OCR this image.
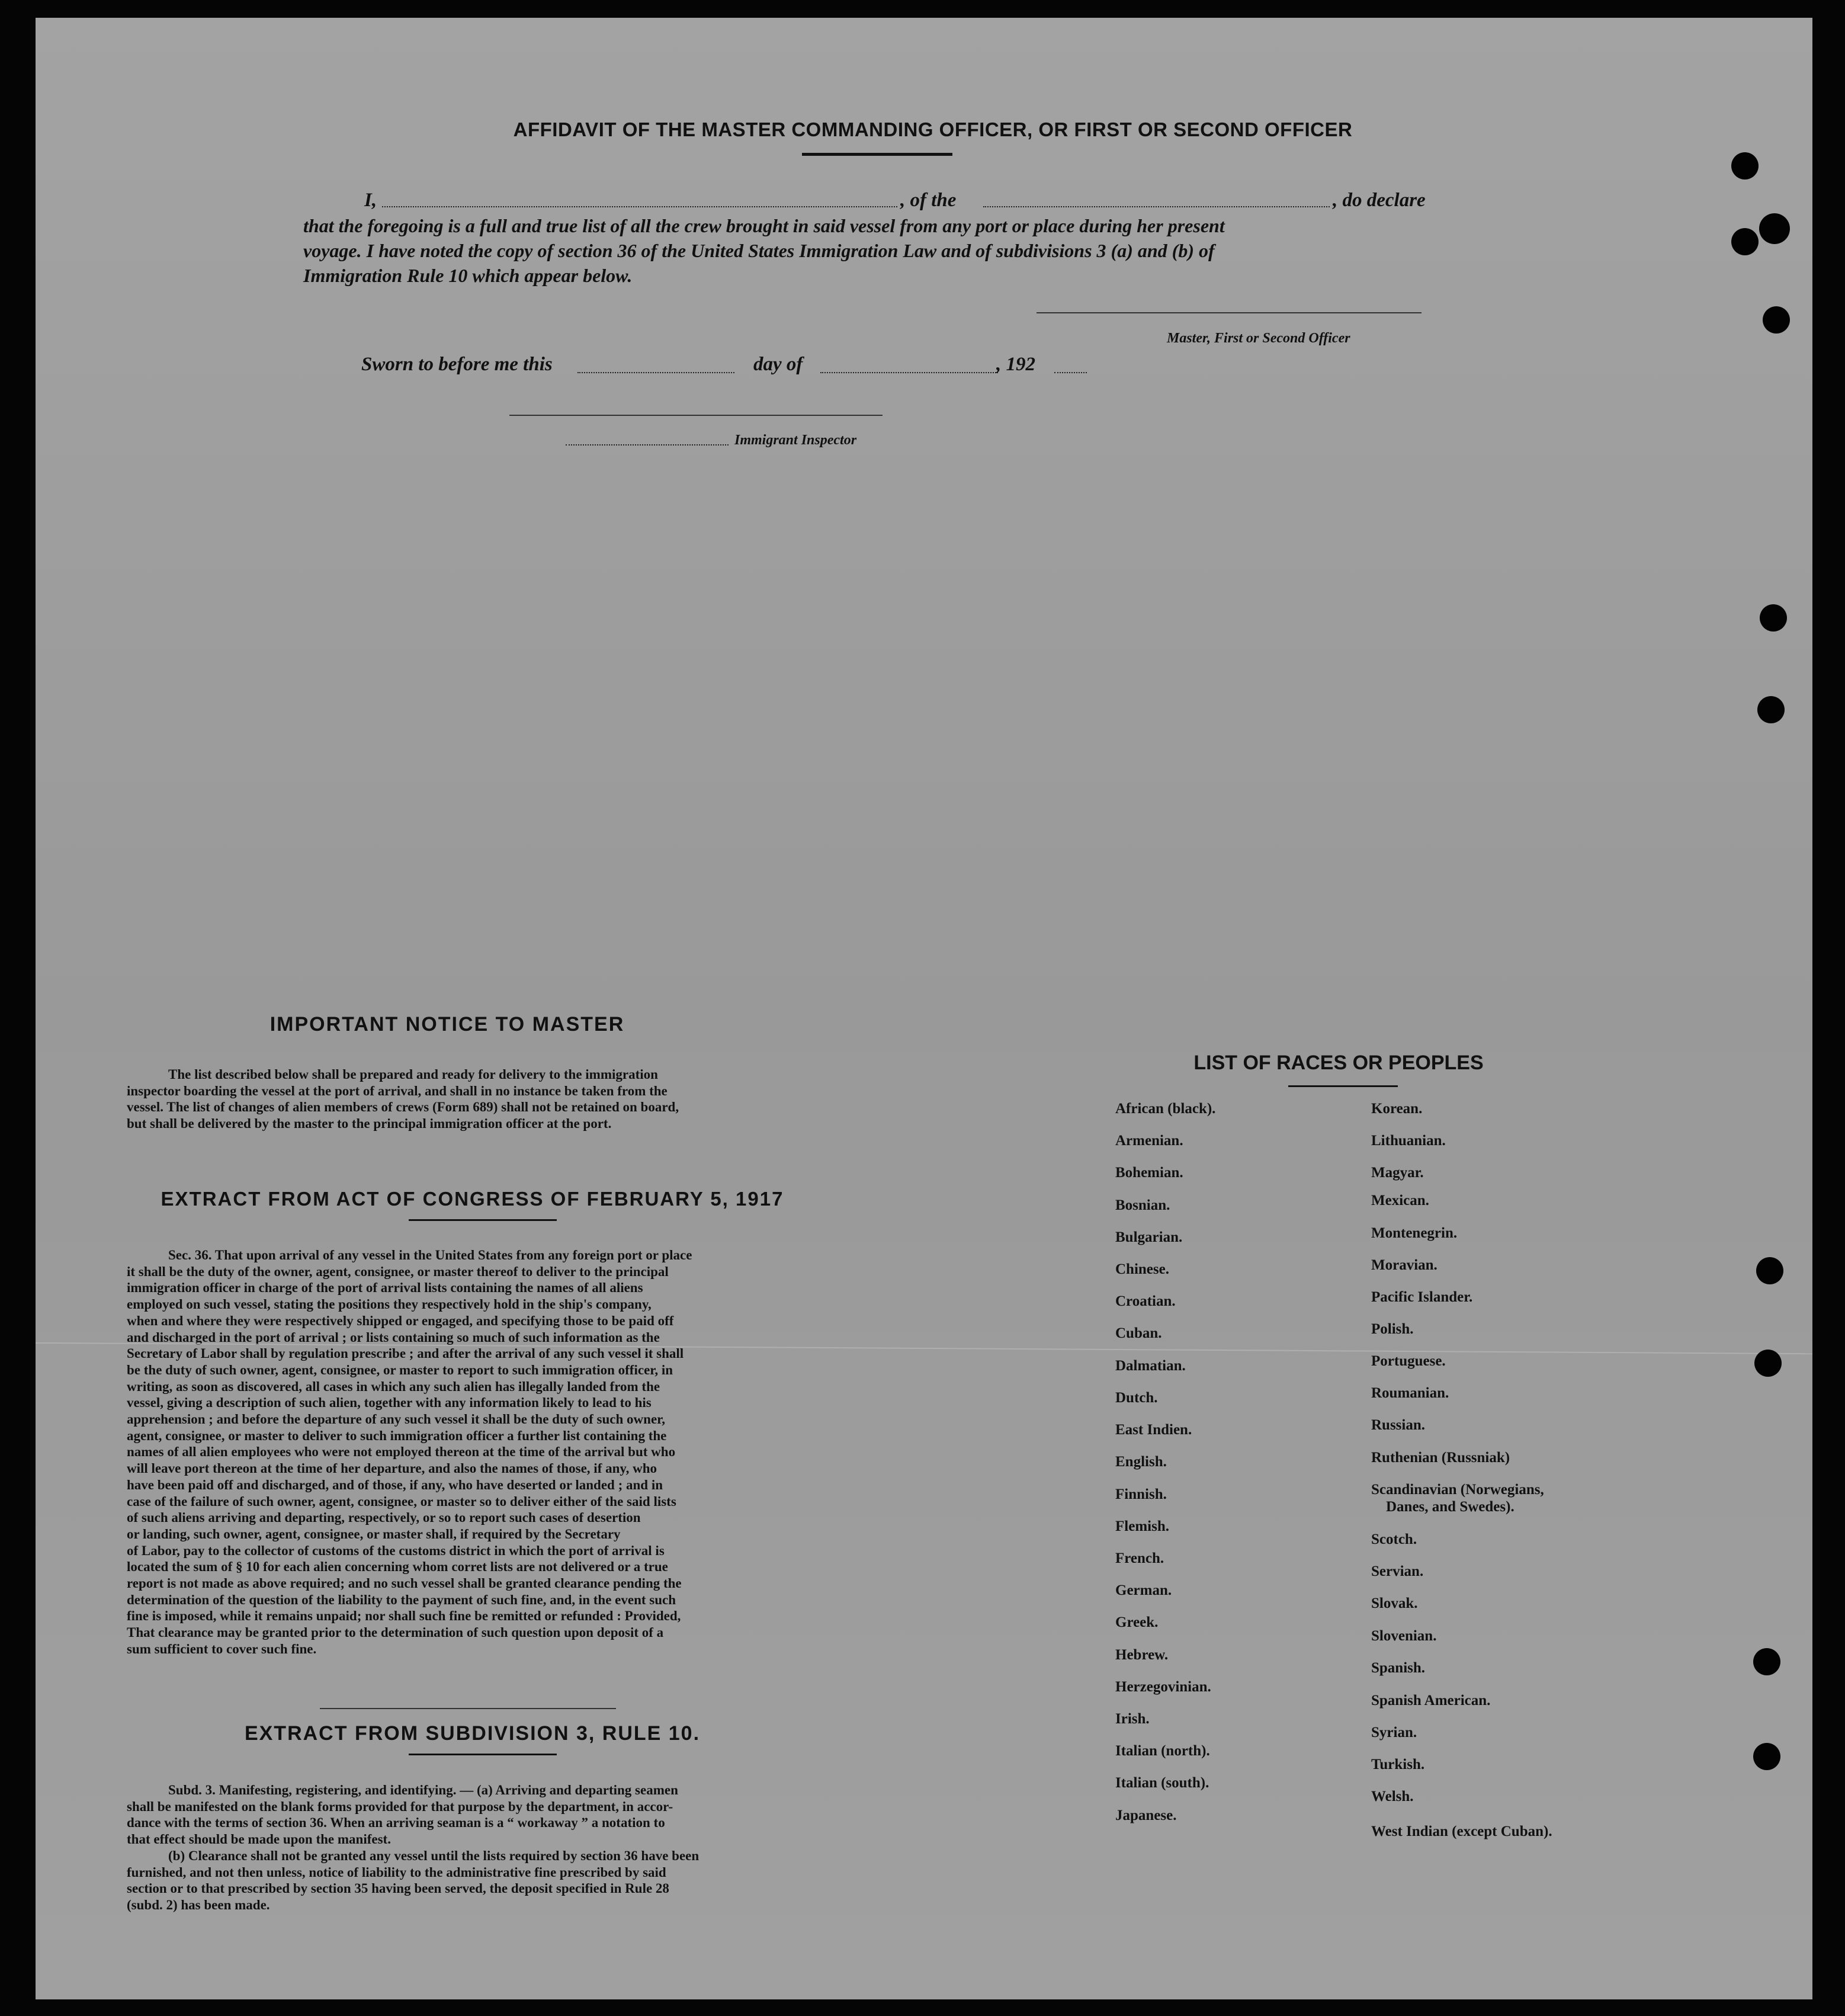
AFFIDAVIT OF THE MASTER COMMANDING OFFICER, OR FIRST OR SECOND OFFICER
I,	, of the	, do declare
that the foregoing is a full and true list of all the crew brought in said vessel from any port or place during her present
voyage. I have noted the copy of section 36 of the United States Immigration Law and of subdivisions 3 (a) and (b) of
Immigration Rule 10 which appear below.
Master, First or Second Officer
Sworn to before me this	day of	, 192
Immigrant Inspector
IMPORTANT NOTICE TO MASTER
The list described below shall be prepared and ready for delivery to the immigration
inspector boarding the vessel at the port of arrival, and shall in no instance be taken from the
vessel. The list of changes of alien members of crews (Form 689) shall not be retained on board,
but shall be delivered by the master to the principal immigration officer at the port.
EXTRACT FROM ACT OF CONGRESS OF FEBRUARY 5, 1917
Sec. 36. That upon arrival of any vessel in the United States from any foreign port or place
it shall be the duty of the owner, agent, consignee, or master thereof to deliver to the principal
immigration officer in charge of the port of arrival lists containing the names of all aliens
employed on such vessel, stating the positions they respectively hold in the ship's company,
when and where they were respectively shipped or engaged, and specifying those to be paid off
and discharged in the port of arrival ; or lists containing so much of such information as the
Secretary of Labor shall by regulation prescribe ; and after the arrival of any such vessel it shall
be the duty of such owner, agent, consignee, or master to report to such immigration officer, in
writing, as soon as discovered, all cases in which any such alien has illegally landed from the
vessel, giving a description of such alien, together with any information likely to lead to his
apprehension ; and before the departure of any such vessel it shall be the duty of such owner,
agent, consignee, or master to deliver to such immigration officer a further list containing the
names of all alien employees who were not employed thereon at the time of the arrival but who
will leave port thereon at the time of her departure, and also the names of those, if any, who
have been paid off and discharged, and of those, if any, who have deserted or landed ; and in
case of the failure of such owner, agent, consignee, or master so to deliver either of the said lists
of such aliens arriving and departing, respectively, or so to report such cases of desertion
or landing, such owner, agent, consignee, or master shall, if required by the Secretary
of Labor, pay to the collector of customs of the customs district in which the port of arrival is
located the sum of § 10 for each alien concerning whom corret lists are not delivered or a true
report is not made as above required; and no such vessel shall be granted clearance pending the
determination of the question of the liability to the payment of such fine, and, in the event such
fine is imposed, while it remains unpaid; nor shall such fine be remitted or refunded : Provided,
That clearance may be granted prior to the determination of such question upon deposit of a
sum sufficient to cover such fine.
EXTRACT FROM SUBDIVISION 3, RULE 10.
Subd. 3. Manifesting, registering, and identifying. — (a) Arriving and departing seamen
shall be manifested on the blank forms provided for that purpose by the department, in accor-
dance with the terms of section 36. When an arriving seaman is a “ workaway ” a notation to
that effect should be made upon the manifest.
(b) Clearance shall not be granted any vessel until the lists required by section 36 have been
furnished, and not then unless, notice of liability to the administrative fine prescribed by said
section or to that prescribed by section 35 having been served, the deposit specified in Rule 28
(subd. 2) has been made.
LIST OF RACES OR PEOPLES
African (black).
Armenian.
Bohemian.
Bosnian.
Bulgarian.
Chinese.
Croatian.
Cuban.
Dalmatian.
Dutch.
East Indien.
English.
Finnish.
Flemish.
French.
German.
Greek.
Hebrew.
Herzegovinian.
Irish.
Italian (north).
Italian (south).
Japanese.
Korean.
Lithuanian.
Magyar.
Mexican.
Montenegrin.
Moravian.
Pacific Islander.
Polish.
Portuguese.
Roumanian.
Russian.
Ruthenian (Russniak)
Scandinavian (Norwegians,
Danes, and Swedes).
Scotch.
Servian.
Slovak.
Slovenian.
Spanish.
Spanish American.
Syrian.
Turkish.
Welsh.
West Indian (except Cuban).
